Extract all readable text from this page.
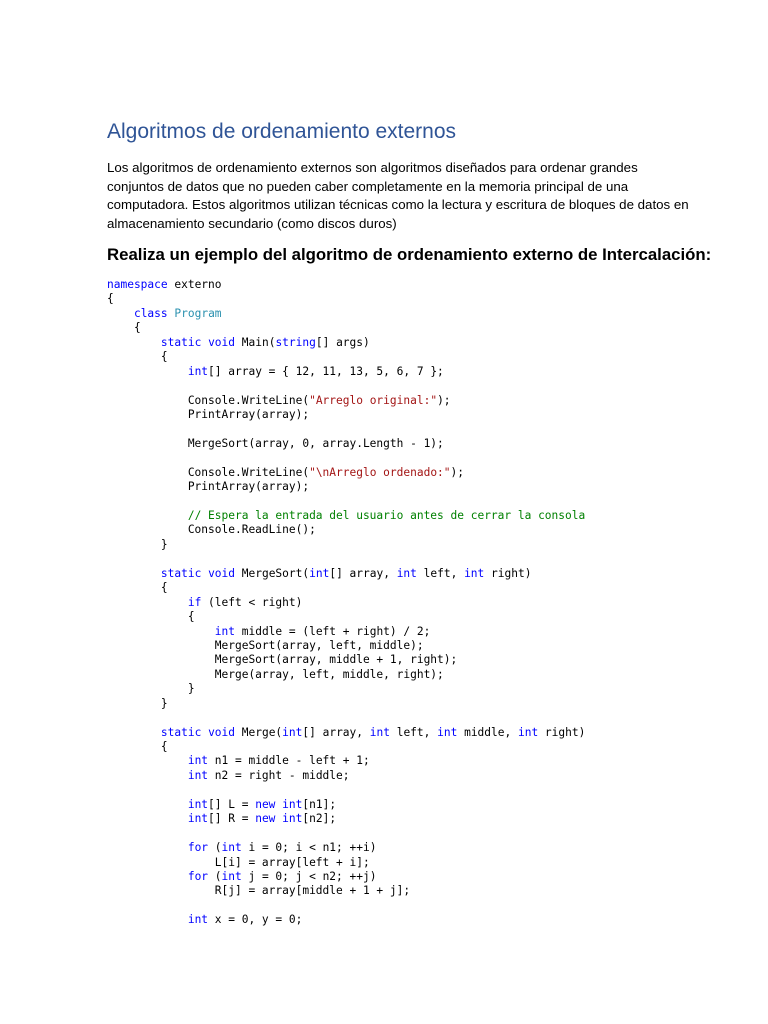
Algoritmos de ordenamiento externos

Los algoritmos de ordenamiento externos son algoritmos diseñados para ordenar grandes
conjuntos de datos que no pueden caber completamente en la memoria principal de una
computadora. Estos algoritmos utilizan técnicas como la lectura y escritura de bloques de datos en
almacenamiento secundario (como discos duros)

Realiza un ejemplo del algoritmo de ordenamiento externo de Intercalación:
namespace externo
{
class Program
{
static void Main(string[] args)
{
int[] array = { 12, 11, 13, 5, 6, 7 };
Console.WriteLine("Arreglo original:");
PrintArray(array);
MergeSort(array, 0, array.Length - 1);
Console.WriteLine("\nArreglo ordenado:");
PrintArray(array);
// Espera la entrada del usuario antes de cerrar la consola
Console.ReadLine();
}
static void MergeSort(int[] array, int left, int right)
{
if (left < right)
{
int middle = (left + right) / 2;
MergeSort(array, left, middle);
MergeSort(array, middle + 1, right);
Merge(array, left, middle, right);
}
}
static void Merge(int[] array, int left, int middle, int right)
{
int n1 = middle - left + 1;
int n2 = right - middle;
int[] L = new int[n1];
int[] R = new int[n2];
for (int i = 0; i < n1; ++i)
L[i] = array[left + i];
for (int j = 0; j < n2; ++j)
R[j] = array[middle + 1 + j];
int x = 0, y = 0;
